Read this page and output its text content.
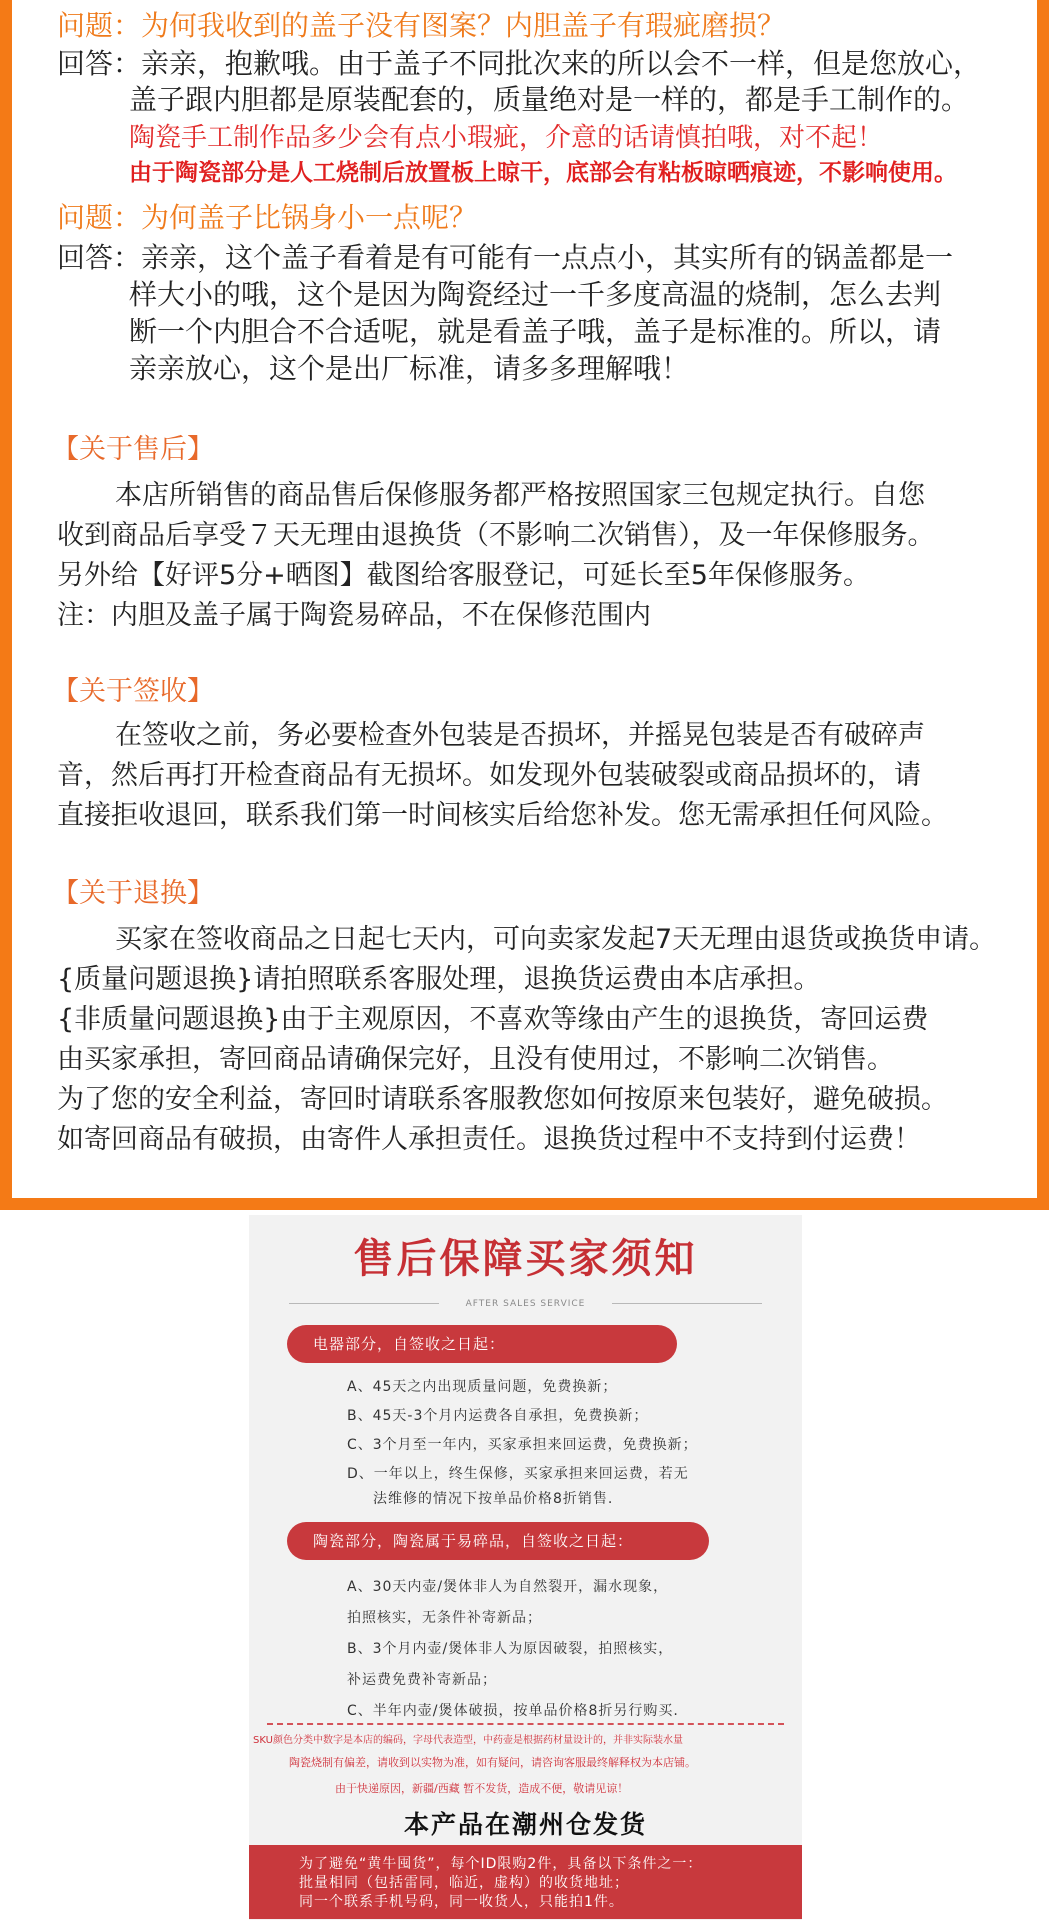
问题：为何我收到的盖子没有图案？内胆盖子有瑕疵磨损？
回答：亲亲，抱歉哦。由于盖子不同批次来的所以会不一样，但是您放心，
盖子跟内胆都是原装配套的，质量绝对是一样的，都是手工制作的。
陶瓷手工制作品多少会有点小瑕疵，介意的话请慎拍哦，对不起！
由于陶瓷部分是人工烧制后放置板上晾干，底部会有粘板晾晒痕迹，不影响使用。
问题：为何盖子比锅身小一点呢？
回答：亲亲，这个盖子看着是有可能有一点点小，其实所有的锅盖都是一
样大小的哦，这个是因为陶瓷经过一千多度高温的烧制，怎么去判
断一个内胆合不合适呢，就是看盖子哦，盖子是标准的。所以，请
亲亲放心，这个是出厂标准，请多多理解哦！
【关于售后】
本店所销售的商品售后保修服务都严格按照国家三包规定执行。自您
收到商品后享受７天无理由退换货（不影响二次销售），及一年保修服务。
另外给【好评5分+晒图】截图给客服登记，可延长至5年保修服务。
注：内胆及盖子属于陶瓷易碎品，不在保修范围内
【关于签收】
在签收之前，务必要检查外包装是否损坏，并摇晃包装是否有破碎声
音，然后再打开检查商品有无损坏。如发现外包装破裂或商品损坏的，请
直接拒收退回，联系我们第一时间核实后给您补发。您无需承担任何风险。
【关于退换】
买家在签收商品之日起七天内，可向卖家发起7天无理由退货或换货申请。
{质量问题退换}请拍照联系客服处理，退换货运费由本店承担。
{非质量问题退换}由于主观原因，不喜欢等缘由产生的退换货，寄回运费
由买家承担，寄回商品请确保完好，且没有使用过，不影响二次销售。
为了您的安全利益，寄回时请联系客服教您如何按原来包装好，避免破损。
如寄回商品有破损，由寄件人承担责任。退换货过程中不支持到付运费！
售后保障买家须知
AFTER SALES SERVICE
电器部分，自签收之日起：
A、45天之内出现质量问题，免费换新；
B、45天-3个月内运费各自承担，免费换新；
C、3个月至一年内，买家承担来回运费，免费换新；
D、一年以上，终生保修，买家承担来回运费，若无
法维修的情况下按单品价格8折销售.
陶瓷部分，陶瓷属于易碎品，自签收之日起：
A、30天内壶/煲体非人为自然裂开，漏水现象，
拍照核实，无条件补寄新品；
B、3个月内壶/煲体非人为原因破裂，拍照核实，
补运费免费补寄新品；
C、半年内壶/煲体破损，按单品价格8折另行购买.
SKU颜色分类中数字是本店的编码，字母代表造型，中药壶是根据药材量设计的，并非实际装水量
陶瓷烧制有偏差，请收到以实物为准，如有疑问，请咨询客服最终解释权为本店铺。
由于快递原因，新疆/西藏 暂不发货，造成不便，敬请见谅！
本产品在潮州仓发货
为了避免“黄牛囤货”，每个ID限购2件，具备以下条件之一：
批量相同（包括雷同，临近，虚构）的收货地址；
同一个联系手机号码，同一收货人，只能拍1件。
